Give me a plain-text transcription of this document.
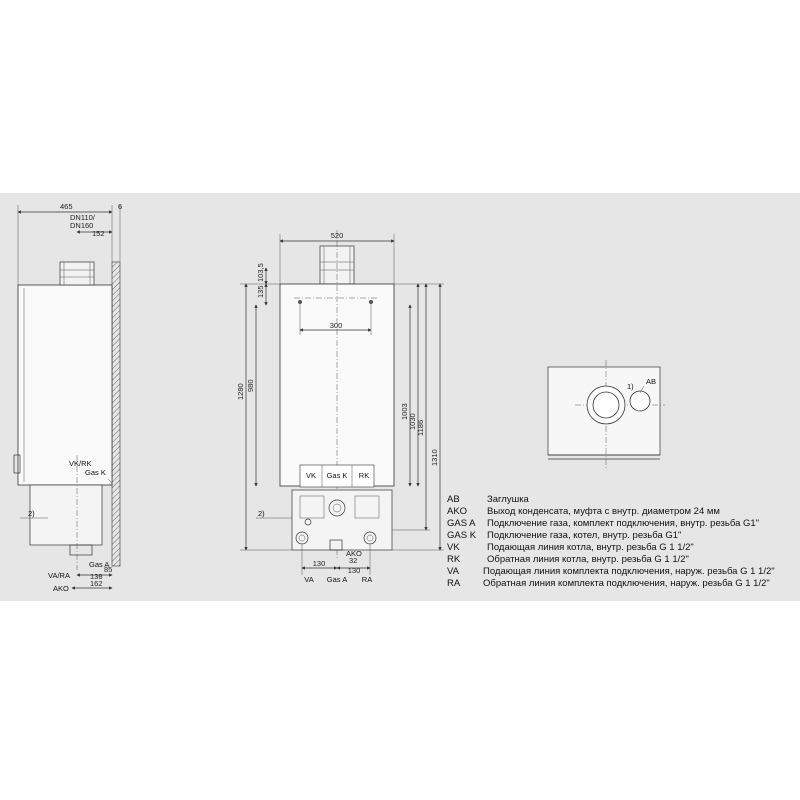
465	6
DN110/
DN160
152
VK/RK
Gas K
2)
Gas A
VA/RA	138
85
AKO
162
300
520
VK Gas K RK
2)
135
103,5
1280 980
1003
1030 1186
1310
130
130
AKO
32
VA Gas A RA
1)
AB
AB	Заглушка
AKO Выход конденсата, муфта с внутр. диаметром 24 мм
GAS A Подключение газа, комплект подключения, внутр. резьба G1"
GAS K Подключение газа, котел, внутр. резьба G1"
VK	Подающая линия котла, внутр. резьба G 1 1/2"
RK	Обратная линия котла, внутр. резьба G 1 1/2"
VA	Подающая линия комплекта подключения, наруж. резьба G 1 1/2"
RA Обратная линия комплекта подключения, наруж. резьба G 1 1/2"
